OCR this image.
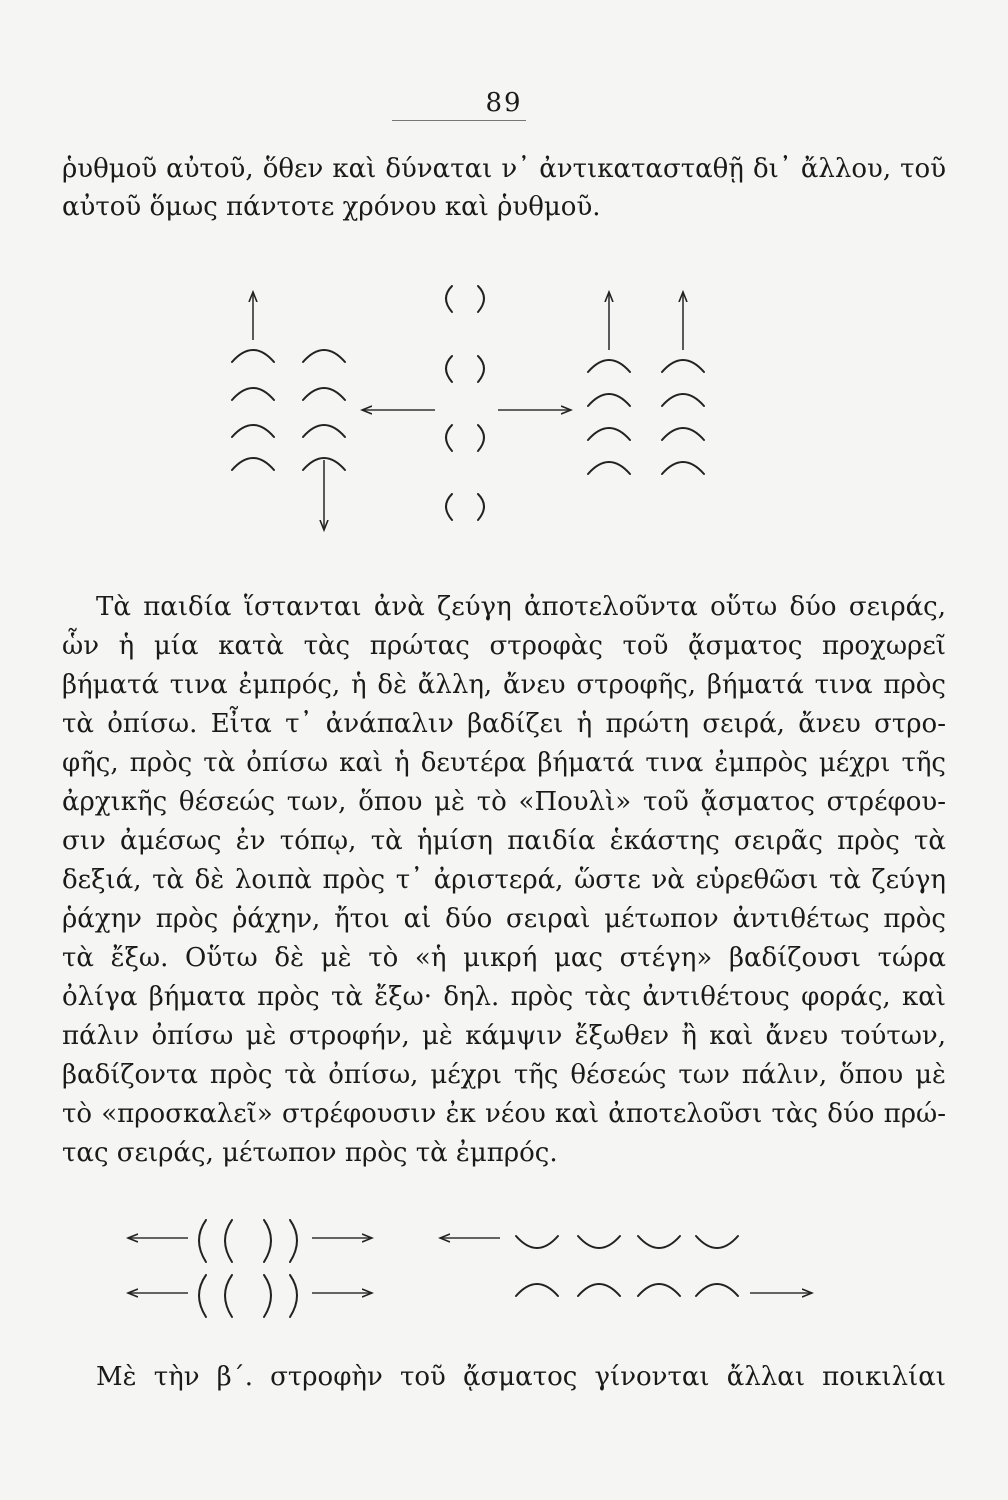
89
ῥυθμοῦ αὐτοῦ, ὅθεν καὶ δύναται ν᾿ ἀντικατασταθῇ δι᾿ ἄλλου, τοῦ
αὐτοῦ ὅμως πάντοτε χρόνου καὶ ῥυθμοῦ.
Τὰ παιδία ἵστανται ἀνὰ ζεύγη ἀποτελοῦντα οὕτω δύο σειράς,
ὧν ἡ μία κατὰ τὰς πρώτας στροφὰς τοῦ ᾄσματος προχωρεῖ
βήματά τινα ἐμπρός, ἡ δὲ ἄλλη, ἄνευ στροφῆς, βήματά τινα πρὸς
τὰ ὀπίσω. Εἶτα τ᾿ ἀνάπαλιν βαδίζει ἡ πρώτη σειρά, ἄνευ στρο-
φῆς, πρὸς τὰ ὀπίσω καὶ ἡ δευτέρα βήματά τινα ἐμπρὸς μέχρι τῆς
ἀρχικῆς θέσεώς των, ὅπου μὲ τὸ «Πουλὶ» τοῦ ᾄσματος στρέφου-
σιν ἀμέσως ἐν τόπῳ, τὰ ἡμίση παιδία ἑκάστης σειρᾶς πρὸς τὰ
δεξιά, τὰ δὲ λοιπὰ πρὸς τ᾿ ἀριστερά, ὥστε νὰ εὑρεθῶσι τὰ ζεύγη
ῥάχην πρὸς ῥάχην, ἤτοι αἱ δύο σειραὶ μέτωπον ἀντιθέτως πρὸς
τὰ ἔξω. Οὕτω δὲ μὲ τὸ «ἡ μικρή μας στέγη» βαδίζουσι τώρα
ὀλίγα βήματα πρὸς τὰ ἔξω· δηλ. πρὸς τὰς ἀντιθέτους φοράς, καὶ
πάλιν ὀπίσω μὲ στροφήν, μὲ κάμψιν ἔξωθεν ἢ καὶ ἄνευ τούτων,
βαδίζοντα πρὸς τὰ ὀπίσω, μέχρι τῆς θέσεώς των πάλιν, ὅπου μὲ
τὸ «προσκαλεῖ» στρέφουσιν ἐκ νέου καὶ ἀποτελοῦσι τὰς δύο πρώ-
τας σειράς, μέτωπον πρὸς τὰ ἐμπρός.
Μὲ τὴν β΄. στροφὴν τοῦ ᾄσματος γίνονται ἄλλαι ποικιλίαι
